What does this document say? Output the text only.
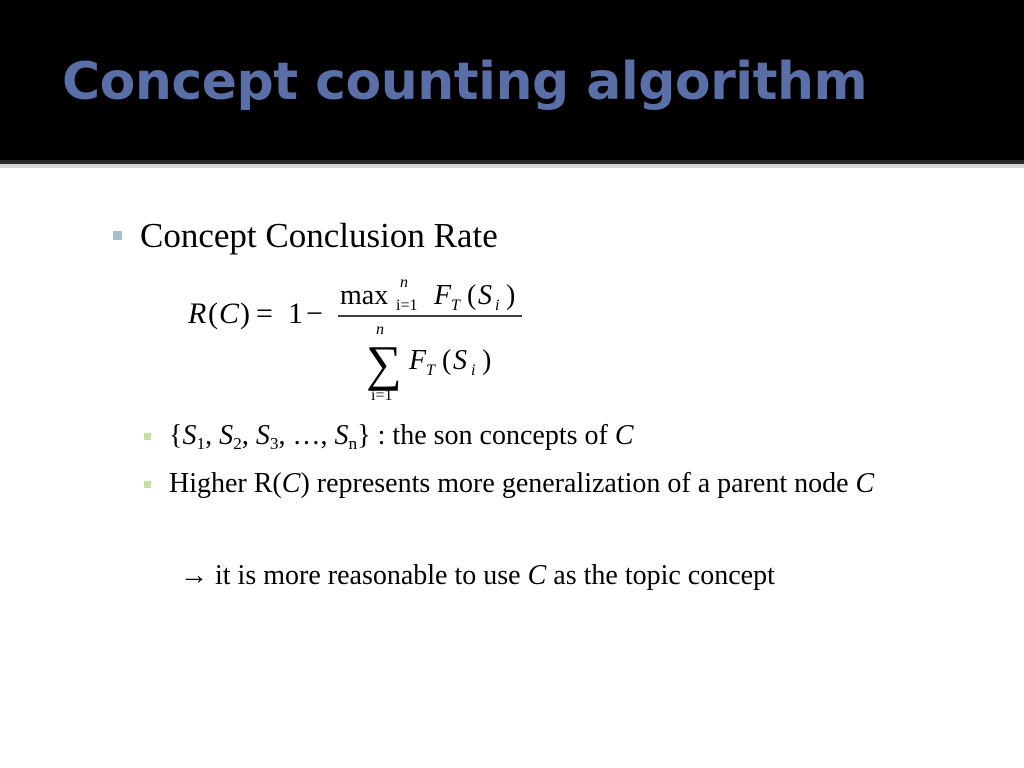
Concept counting algorithm
Concept Conclusion Rate
R ( C ) = 1 −
max n
i=1 F T ( S i )
n
∑
i=1
F T ( S i )
{$S_1$, $S_2$, $S_3$, …, $S_n$} : the son concepts of C
Higher R(C) represents more generalization of a parent node C
→ it is more reasonable to use C as the topic concept
